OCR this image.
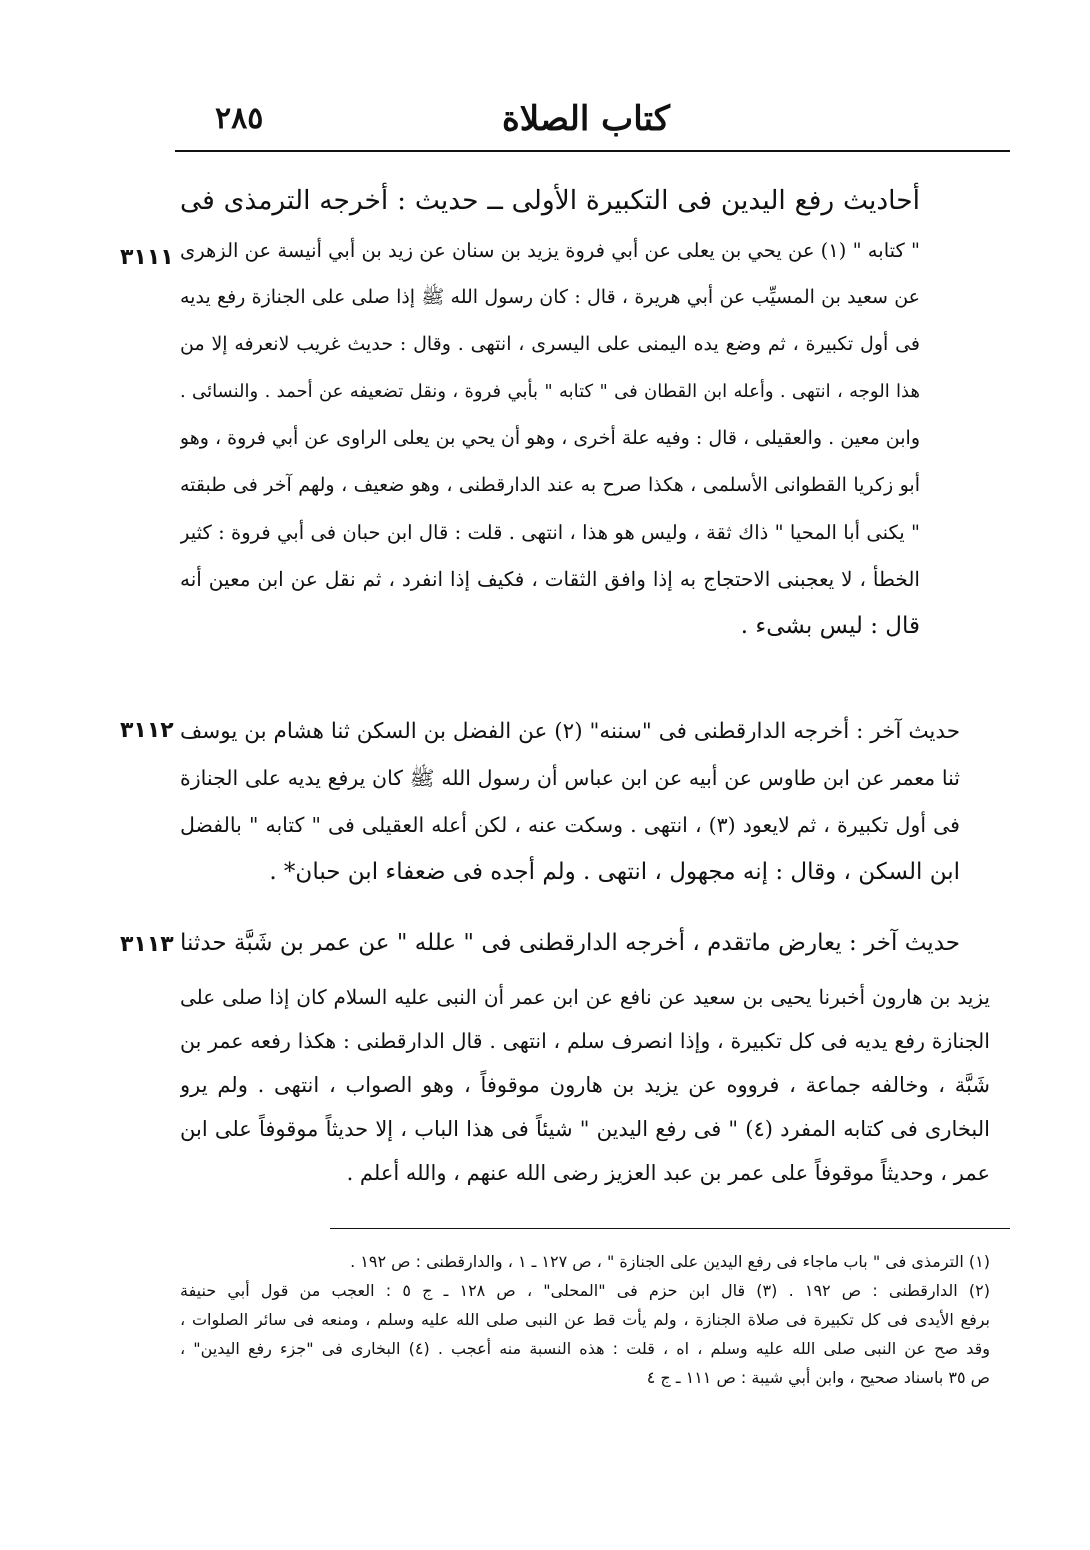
كتاب الصلاة
٢٨٥
أحاديث رفع اليدين فى التكبيرة الأولى ــ حديث : أخرجه الترمذى فى
" كتابه " (١) عن يحي بن يعلى عن أبي فروة يزيد بن سنان عن زيد بن أبي أنيسة عن الزهرى
عن سعيد بن المسيِّب عن أبي هريرة ، قال : كان رسول الله ﷺ إذا صلى على الجنازة رفع يديه
فى أول تكبيرة ، ثم وضع يده اليمنى على اليسرى ، انتهى . وقال : حديث غريب لانعرفه إلا من
هذا الوجه ، انتهى . وأعله ابن القطان فى " كتابه " بأبي فروة ، ونقل تضعيفه عن أحمد . والنسائى .
وابن معين . والعقيلى ، قال : وفيه علة أخرى ، وهو أن يحي بن يعلى الراوى عن أبي فروة ، وهو
أبو زكريا القطوانى الأسلمى ، هكذا صرح به عند الدارقطنى ، وهو ضعيف ، ولهم آخر فى طبقته
" يكنى أبا المحيا " ذاك ثقة ، وليس هو هذا ، انتهى . قلت : قال ابن حبان فى أبي فروة : كثير
الخطأ ، لا يعجبنى الاحتجاج به إذا وافق الثقات ، فكيف إذا انفرد ، ثم نقل عن ابن معين أنه
قال : ليس بشىء .
٣١١١
حديث آخر : أخرجه الدارقطنى فى "سننه" (٢) عن الفضل بن السكن ثنا هشام بن يوسف
ثنا معمر عن ابن طاوس عن أبيه عن ابن عباس أن رسول الله ﷺ كان يرفع يديه على الجنازة
فى أول تكبيرة ، ثم لايعود (٣) ، انتهى . وسكت عنه ، لكن أعله العقيلى فى " كتابه " بالفضل
ابن السكن ، وقال : إنه مجهول ، انتهى . ولم أجده فى ضعفاء ابن حبان* .
٣١١٢
حديث آخر : يعارض ماتقدم ، أخرجه الدارقطنى فى " علله " عن عمر بن شَبَّة حدثنا
٣١١٣
يزيد بن هارون أخبرنا يحيى بن سعيد عن نافع عن ابن عمر أن النبى عليه السلام كان إذا صلى على
الجنازة رفع يديه فى كل تكبيرة ، وإذا انصرف سلم ، انتهى . قال الدارقطنى : هكذا رفعه عمر بن
شَبَّة ، وخالفه جماعة ، فرووه عن يزيد بن هارون موقوفاً ، وهو الصواب ، انتهى . ولم يرو
البخارى فى كتابه المفرد (٤) " فى رفع اليدين " شيئاً فى هذا الباب ، إلا حديثاً موقوفاً على ابن
عمر ، وحديثاً موقوفاً على عمر بن عبد العزيز رضى الله عنهم ، والله أعلم .
(١) الترمذى فى " باب ماجاء فى رفع اليدين على الجنازة " ، ص ١٢٧ ـ ١ ، والدارقطنى : ص ١٩٢ .
(٢) الدارقطنى : ص ١٩٢ . (٣) قال ابن حزم فى "المحلى" ، ص ١٢٨ ـ ج ٥ : العجب من قول أبي حنيفة
برفع الأيدى فى كل تكبيرة فى صلاة الجنازة ، ولم يأت قط عن النبى صلى الله عليه وسلم ، ومنعه فى سائر الصلوات ،
وقد صح عن النبى صلى الله عليه وسلم ، اه ، قلت : هذه النسبة منه أعجب . (٤) البخارى فى "جزء رفع اليدين" ،
ص ٣٥ باسناد صحيح ، وابن أبي شيبة : ص ١١١ ـ ج ٤
